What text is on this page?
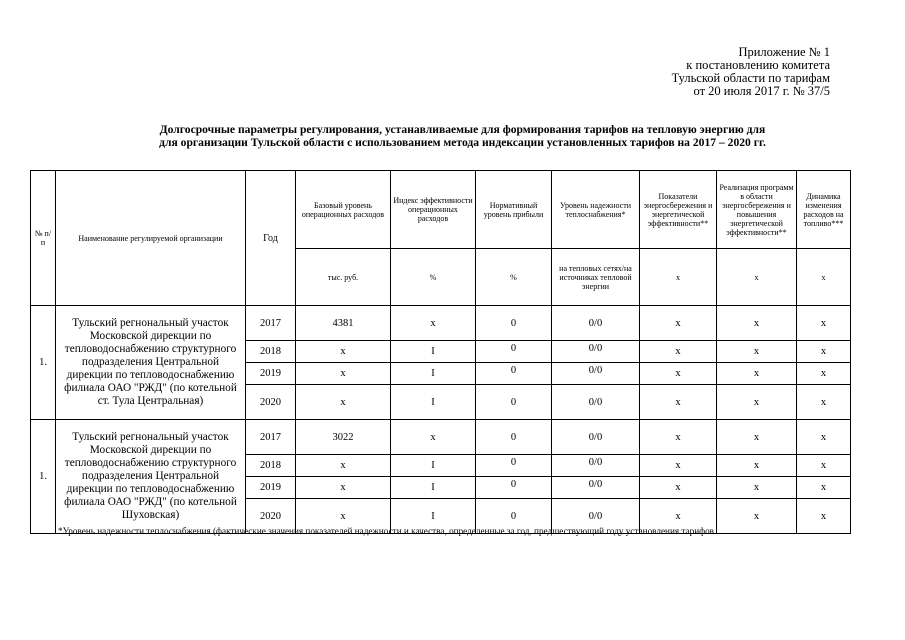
Приложение № 1
к постановлению комитета
Тульской области по тарифам
от 20 июля 2017 г. № 37/5
Долгосрочные параметры регулирования, устанавливаемые для формирования тарифов на тепловую энергию для
для организации Тульской области с использованием метода индексации установленных тарифов на 2017 – 2020 гг.
№ п/п	Наименование регулируемой организации	Год	Базовый уровень операционных расходов	Индекс эффективности операционных расходов	Нормативный уровень прибыли	Уровень надежности теплоснабжения*	Показатели энергосбережения и энергетической эффективности**	Реализация программ в области энергосбережения и повышения энергетической эффективности**	Динамика изменения расходов на топливо***
			тыс. руб.	%	%	на тепловых сетях/на источниках тепловой энергии	х	х	х
1.	Тульский регнональный участок Московской дирекции по тепловодоснабжению структурного подразделения Центральной дирекции по тепловодоснабжению филиала ОАО "РЖД" (по котельной ст. Тула Центральная)	2017	4381	х	0	0/0	х	х	х
		2018	х	I	0	0/0	х	х	х
		2019	х	I	0	0/0	х	х	х
		2020	х	I	0	0/0	х	х	х
1.	Тульский регнональный участок Московской дирекции по тепловодоснабжению структурного подразделения Центральной дирекции по тепловодоснабжению филиала ОАО "РЖД" (по котельной Шуховская)	2017	3022	х	0	0/0	х	х	х
		2018	х	I	0	0/0	х	х	х
		2019	х	I	0	0/0	х	х	х
		2020	х	I	0	0/0	х	х	х
*Уровень надежности теплоснабжения (фактические значения показателей надежности и качества, определенные за год, предшествующий году установления тарифов
